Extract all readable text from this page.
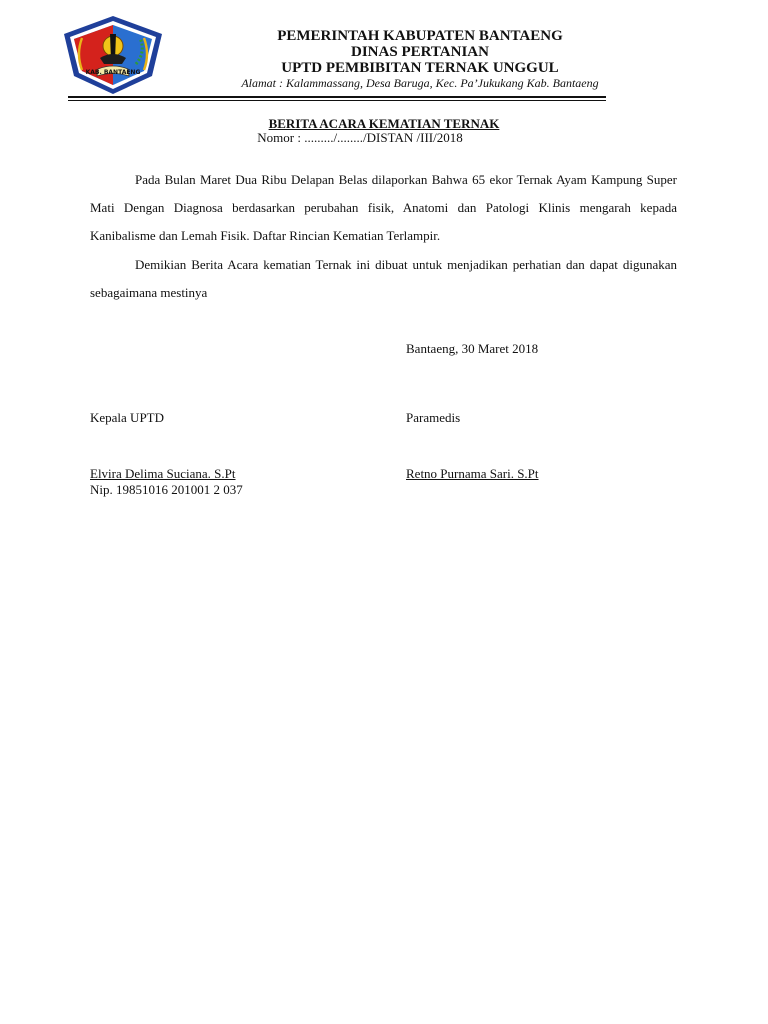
KAB. BANTAENG
PEMERINTAH KABUPATEN BANTAENG
DINAS PERTANIAN
UPTD PEMBIBITAN TERNAK UNGGUL
Alamat : Kalammassang, Desa Baruga, Kec. Pa’Jukukang Kab. Bantaeng
BERITA ACARA KEMATIAN TERNAK
Nomor : ........./......../DISTAN /III/2018

Pada Bulan Maret Dua Ribu Delapan Belas dilaporkan Bahwa 65 ekor Ternak Ayam Kampung Super Mati Dengan Diagnosa berdasarkan perubahan fisik, Anatomi dan Patologi Klinis mengarah kepada Kanibalisme dan Lemah Fisik. Daftar Rincian Kematian Terlampir.

Demikian Berita Acara kematian Ternak ini dibuat untuk menjadikan perhatian dan dapat digunakan sebagaimana mestinya

Bantaeng, 30 Maret 2018
Kepala UPTD	Paramedis
Elvira Delima Suciana. S.Pt
Nip. 19851016 201001 2 037
Retno Purnama Sari. S.Pt
